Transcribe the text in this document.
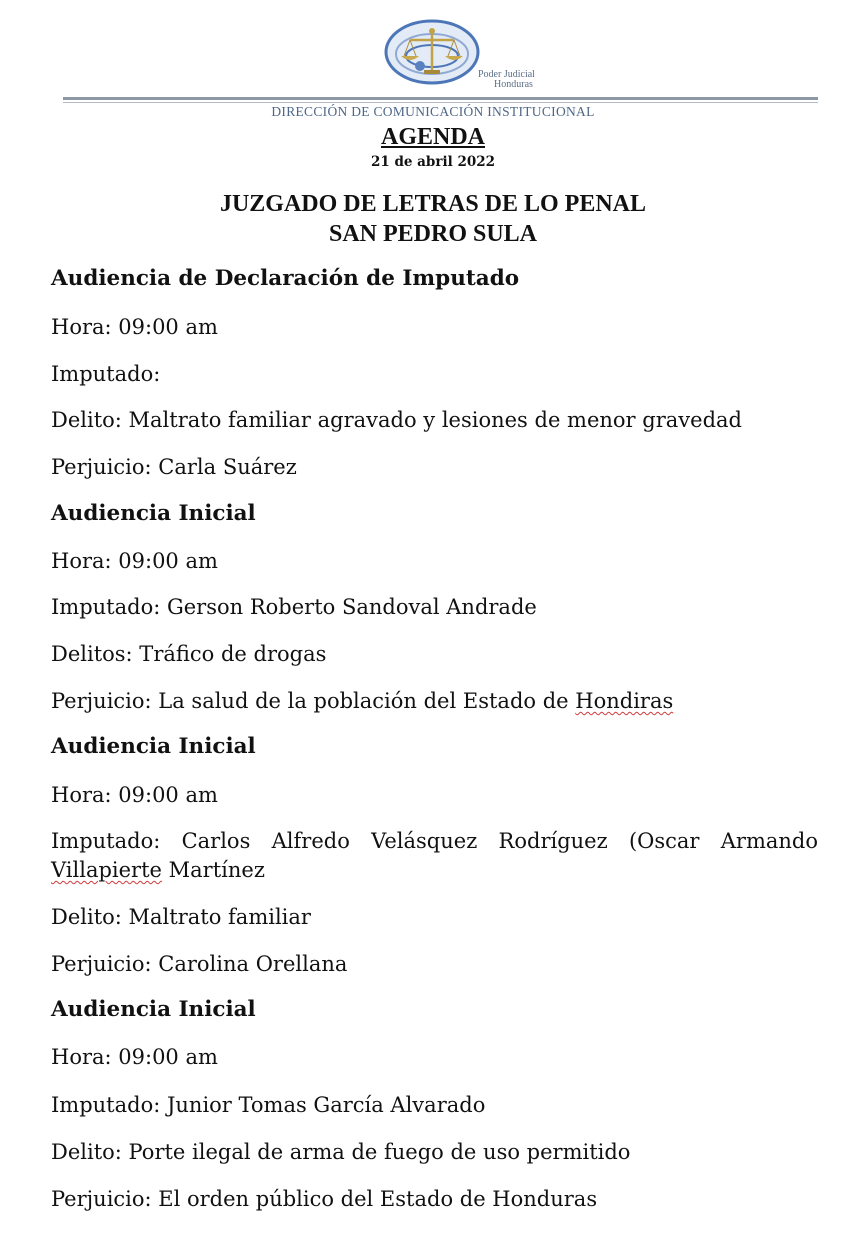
Poder Judicial
Honduras
DIRECCIÓN DE COMUNICACIÓN INSTITUCIONAL
AGENDA
21 de abril 2022
JUZGADO DE LETRAS DE LO PENAL
SAN PEDRO SULA
Audiencia de Declaración de Imputado
Hora: 09:00 am
Imputado:
Delito: Maltrato familiar agravado y lesiones de menor gravedad
Perjuicio: Carla Suárez
Audiencia Inicial
Hora: 09:00 am
Imputado: Gerson Roberto Sandoval Andrade
Delitos: Tráfico de drogas
Perjuicio: La salud de la población del Estado de Hondiras
Audiencia Inicial
Hora: 09:00 am
Imputado: Carlos Alfredo Velásquez Rodríguez (Oscar Armando
Villapierte Martínez
Delito: Maltrato familiar
Perjuicio: Carolina Orellana
Audiencia Inicial
Hora: 09:00 am
Imputado: Junior Tomas García Alvarado
Delito: Porte ilegal de arma de fuego de uso permitido
Perjuicio: El orden público del Estado de Honduras
